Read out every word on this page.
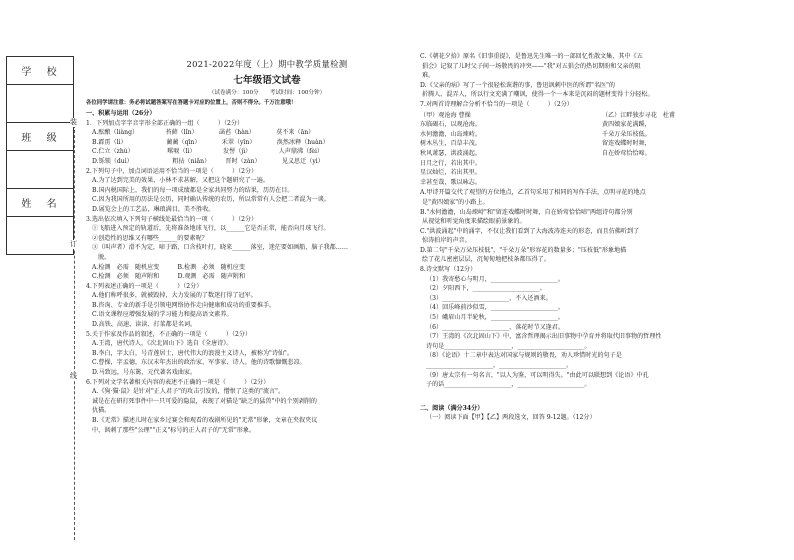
学 校

班 级

姓 名

装
订
线
2021-2022年度（上）期中教学质量检测
七年级语文试卷
（试卷满分：100分　　考试时间：100分钟）
各位同学请注意：务必将试题答案写在答题卡对应的位置上，否则不得分。千万注意哦！
一、积累与运用（26分）
1．下列加点字字音字形全部正确的一组（　　　）（2分）
A.酝酿（liàng）　　　　　苔藓（lǐn）　　　　菡萏（hàn）　　　　莫不来（ān）
B.霹雳（lì）　　　　　　　蔺蔺（qīn）　　　　禾翠（yīn）　　　　涣然冰释（huàn）
C.伫立（zhù）　　　　　　啭唳（lì）　　　　　发髻（jì）　　　　　人声鼎沸（fèi）
D.铄锁（duì）　　　　　　　粗拈（niǎn）　　　晋时（zàn）　　　　见义思迁（yì）
2.下列句子中，加点词语运用不恰当的一项是（　　　）（2分）
A.为了达到完美的效果，小林不求甚解，又把这个题研究了一遍。
B.国内税国际上，我们的每一项成绩都是全家共同努力的结果，历历在目。
C.因为我国所用的历法是公历，同时确认传统的农历，所以常常有人会把二者混为一谈。
D.展览会上的工艺品，琳琅满目，美不胜收。
3.选出依次填入下列句子横线处最恰当的一项（　　　）（2分）
①飞船进入预定的轨道后，先将准备地球飞行，以______它是否正常，能否向月球飞行。
②创造性的思维又有哪些______的要素呢？
③（叫声者）滑不为定，啼于路，口含枝叶打，晓来______落室，迷茫要如画船，脑子我都……
　脱。
A.检测　必需　随机应变　　　B.检测　必须　随机应变
C.检测　必须　随声附和　　　D.观测　必需　随声附和
4.下列表述正确的一项是（　　　）（2分）
A.他们称呼很多，就被毁掉，大力发展的了数迷打得了冠军。
B.咨询、专业的新手是引领电网络协作走向健康和成功的重要推手。
C.语文课程应增强发展的学习能力和提高语文素养。
D.高铁、高速、读读、打菜都是名词。
5.关于作家及作品的叙述，不正确的一项是（　　　）（2分）
A.王湾，唐代诗人，《次北固山下》选自《全唐诗》。
B.李白，字太白，号青莲居士，唐代伟大的浪漫主义诗人，被称为"诗仙"。
C.曹操，字孟德，东汉末年杰出的政治家、军事家、诗人。他的诗歌慷慨悲凉。
D.马致远，号东篱，元代著名戏曲家。
6.下列对文学名著相关内容的表述不正确的一项是（　　　）（2分）
A.《狗·猫·鼠》是针对"正人君子"的攻击引发的，憎恨了这类的"流言"。
诚是在在研打死事件中一只可爱的隐鼠，表现了对猫是"缺乏的猛兽"中的个别剥削的
仇猫。
B.《无常》描述儿时在家乡过赛会和观看的戏剧所见的"无常"形象，文章在夹叙夹议
中，讽刺了那些"公理""正义"标号的正人君子的"无常"形象。
C.《朝花夕拾》原名《旧事重提》，是鲁迅先生唯一的一部回忆性散文集，其中《五
猖会》记叙了儿时父子间一场敬畏的冲突——"我"对五猖会的热切期盼和父亲的阻
难。
D.《父亲的病》写了一个很轻松诙谐的事，鲁迅讽刺中医的所谓"名医"的
折腾人、混弄人，所以行文充满了嘲讽，使得一个一本来是沉闷的题材变得十分轻松。
7.对两首诗理解合分析不恰当的一项是（　　　）（2分）
（甲）观沧海 曹操
东临碣石，以观沧海。
水何澹澹，山岛竦峙。
树木丛生，百草丰茂。
秋风萧瑟，洪波涌起。
日月之行，若出其中。
星汉灿烂，若出其里。
幸甚至哉，歌以咏志。
（乙）江畔独步寻花　杜甫
黄四娘家花满蹊，
千朵万朵压枝低。
留连戏蝶时时舞，
自在娇莺恰恰啼。
A.甲诗开篇交代了观望的方位地点，乙首句采用了相同的写作手法，点明寻花的地点
是"黄四娘家"的小路上。
B."水何澹澹，山岛竦峙"和"留连戏蝶时时舞，自在娇莺恰恰啼"两组诗句都分别
从视觉和听觉角度来描绘眼前景象的。
C."洪波涌起"中的涌字，不仅让我们看到了大海波涛连天的形态，而且仿佛听到了
惊涛拍岸的声音。
D.第二句"千朵万朵压枝低"，"千朵万朵"形容花的数量多；"压枝低"形象地描
绘了花儿密密层层，沉甸甸地把枝条都压得了。
8.诗文默写（12分）
（1）我寄愁心与明月，______________________。
（2）夕阳西下，______________________。
（3）______________________，不入还酒来。
（4）回乐峰前沙似雪，______________________。
（5）峨眉山月半轮秋，______________________。
（6）______________________，落花时节又逢君。
（7）王湾的《次北固山下》中，富含哲理揭示出旧事物中孕育并将取代旧事物的哲理性
诗句是______________________，______________________。
（8）《论语》十二章中表达对国家与规则的敬畏，劝人珍惜时光的句子是
______________________，______________________。
（9）唐太宗有一句名言，"以人为鉴，可以明得失。"由此可以联想到《论语》中孔
子的话______________________，______________________。
二、阅读（满分34分）
（一）阅读下面【甲】【乙】两段选文，回答 9-12题。（12分）
